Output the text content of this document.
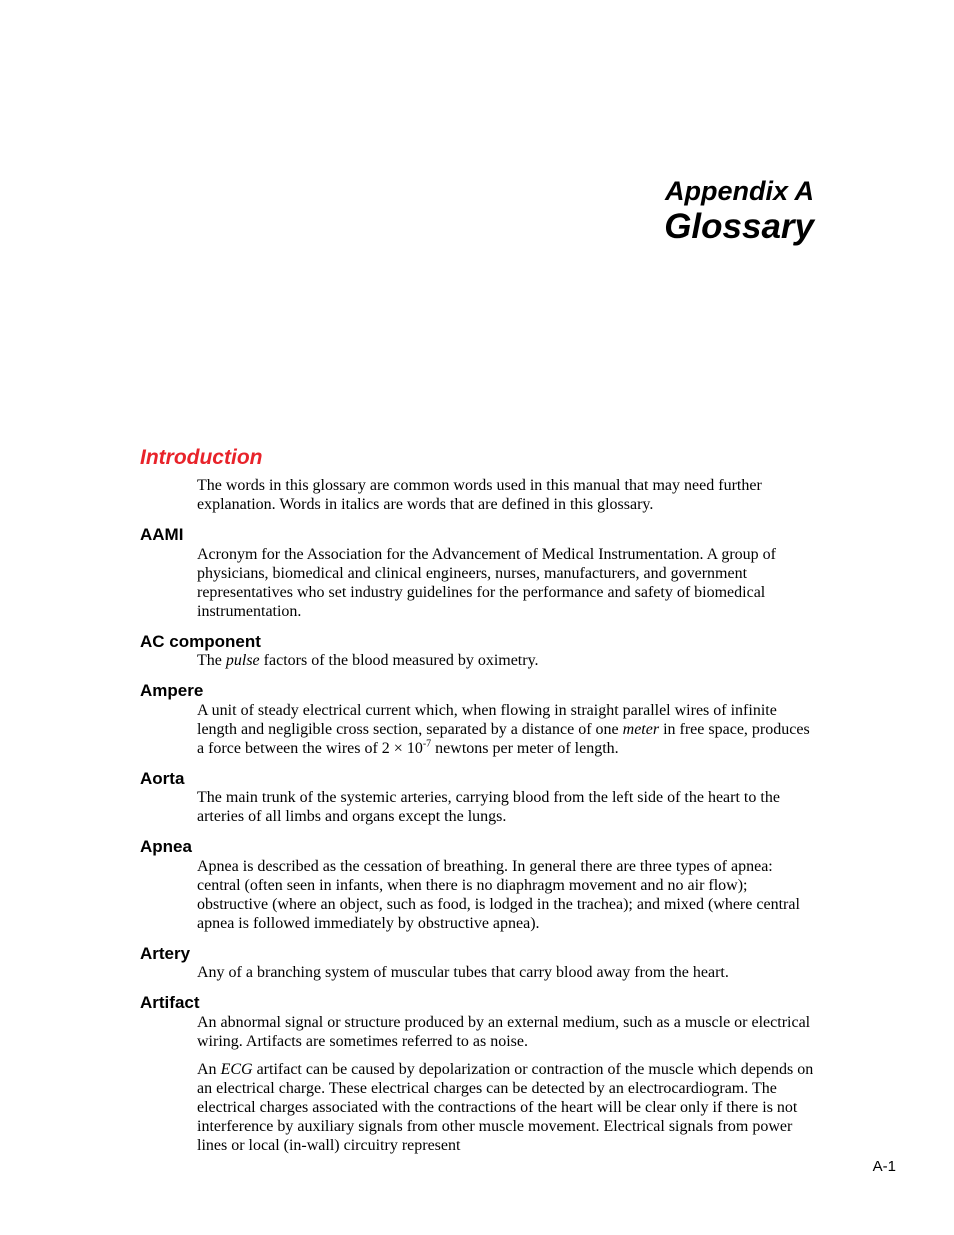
Appendix A
Glossary
Introduction

The words in this glossary are common words used in this manual that may need further explanation. Words in italics are words that are defined in this glossary.

AAMI

Acronym for the Association for the Advancement of Medical Instrumentation. A group of physicians, biomedical and clinical engineers, nurses, manufacturers, and government representatives who set industry guidelines for the performance and safety of biomedical instrumentation.

AC component

The pulse factors of the blood measured by oximetry.

Ampere

A unit of steady electrical current which, when flowing in straight parallel wires of infinite length and negligible cross section, separated by a distance of one meter in free space, produces a force between the wires of $2 \times 10^{-7}$ newtons per meter of length.

Aorta

The main trunk of the systemic arteries, carrying blood from the left side of the heart to the arteries of all limbs and organs except the lungs.

Apnea

Apnea is described as the cessation of breathing. In general there are three types of apnea: central (often seen in infants, when there is no diaphragm movement and no air flow); obstructive (where an object, such as food, is lodged in the trachea); and mixed (where central apnea is followed immediately by obstructive apnea).

Artery

Any of a branching system of muscular tubes that carry blood away from the heart.

Artifact

An abnormal signal or structure produced by an external medium, such as a muscle or electrical wiring. Artifacts are sometimes referred to as noise.

An ECG artifact can be caused by depolarization or contraction of the muscle which depends on an electrical charge. These electrical charges can be detected by an electrocardiogram. The electrical charges associated with the contractions of the heart will be clear only if there is not interference by auxiliary signals from other muscle movement. Electrical signals from power lines or local (in-wall) circuitry represent

A-1
